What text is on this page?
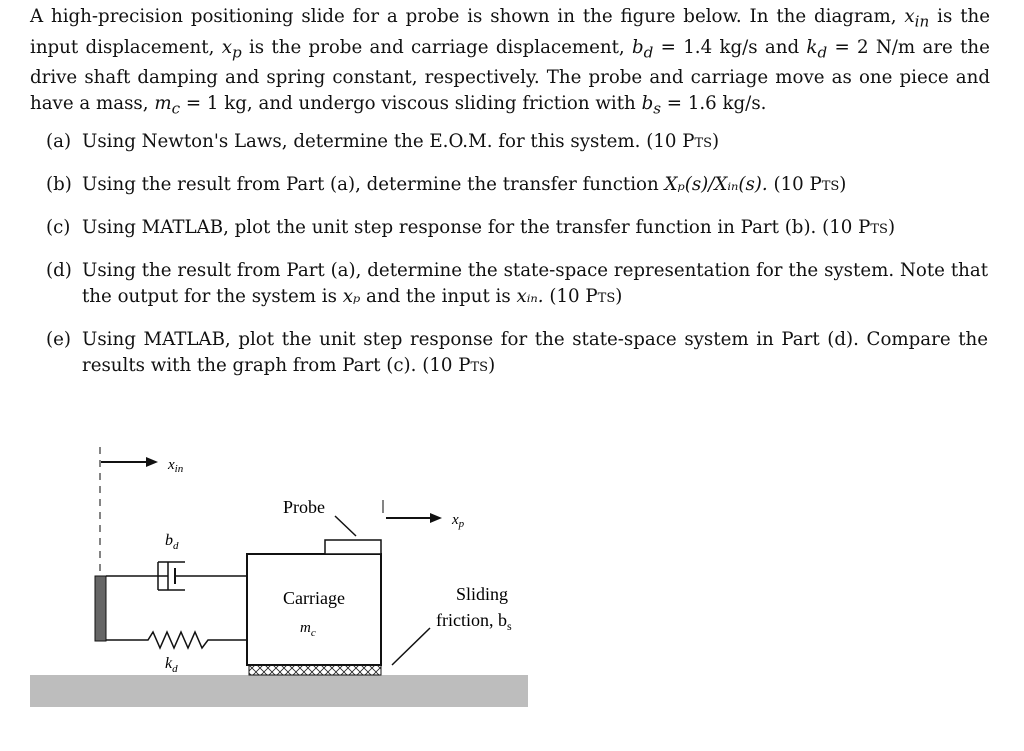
A high-precision positioning slide for a probe is shown in the figure below. In the diagram, $x_{in}$ is the input displacement, $x_p$ is the probe and carriage displacement, $b_d = 1.4$ kg/s and $k_d = 2$ N/m are the drive shaft damping and spring constant, respectively. The probe and carriage move as one piece and have a mass, $m_c = 1$ kg, and undergo viscous sliding friction with $b_s = 1.6$ kg/s.

(a) Using Newton's Laws, determine the E.O.M. for this system. (10 Pts)

(b) Using the result from Part (a), determine the transfer function Xₚ(s)/Xᵢₙ(s). (10 Pts)

(c) Using MATLAB, plot the unit step response for the transfer function in Part (b). (10 Pts)

(d) Using the result from Part (a), determine the state-space representation for the system. Note that the output for the system is xₚ and the input is xᵢₙ. (10 Pts)

(e) Using MATLAB, plot the unit step response for the state-space system in Part (d). Compare the results with the graph from Part (c). (10 Pts)

$x_{in}$
$x_p$
$b_d$
$k_d$
Carriage
$m_c$
Probe
Sliding
friction, $b_s$
